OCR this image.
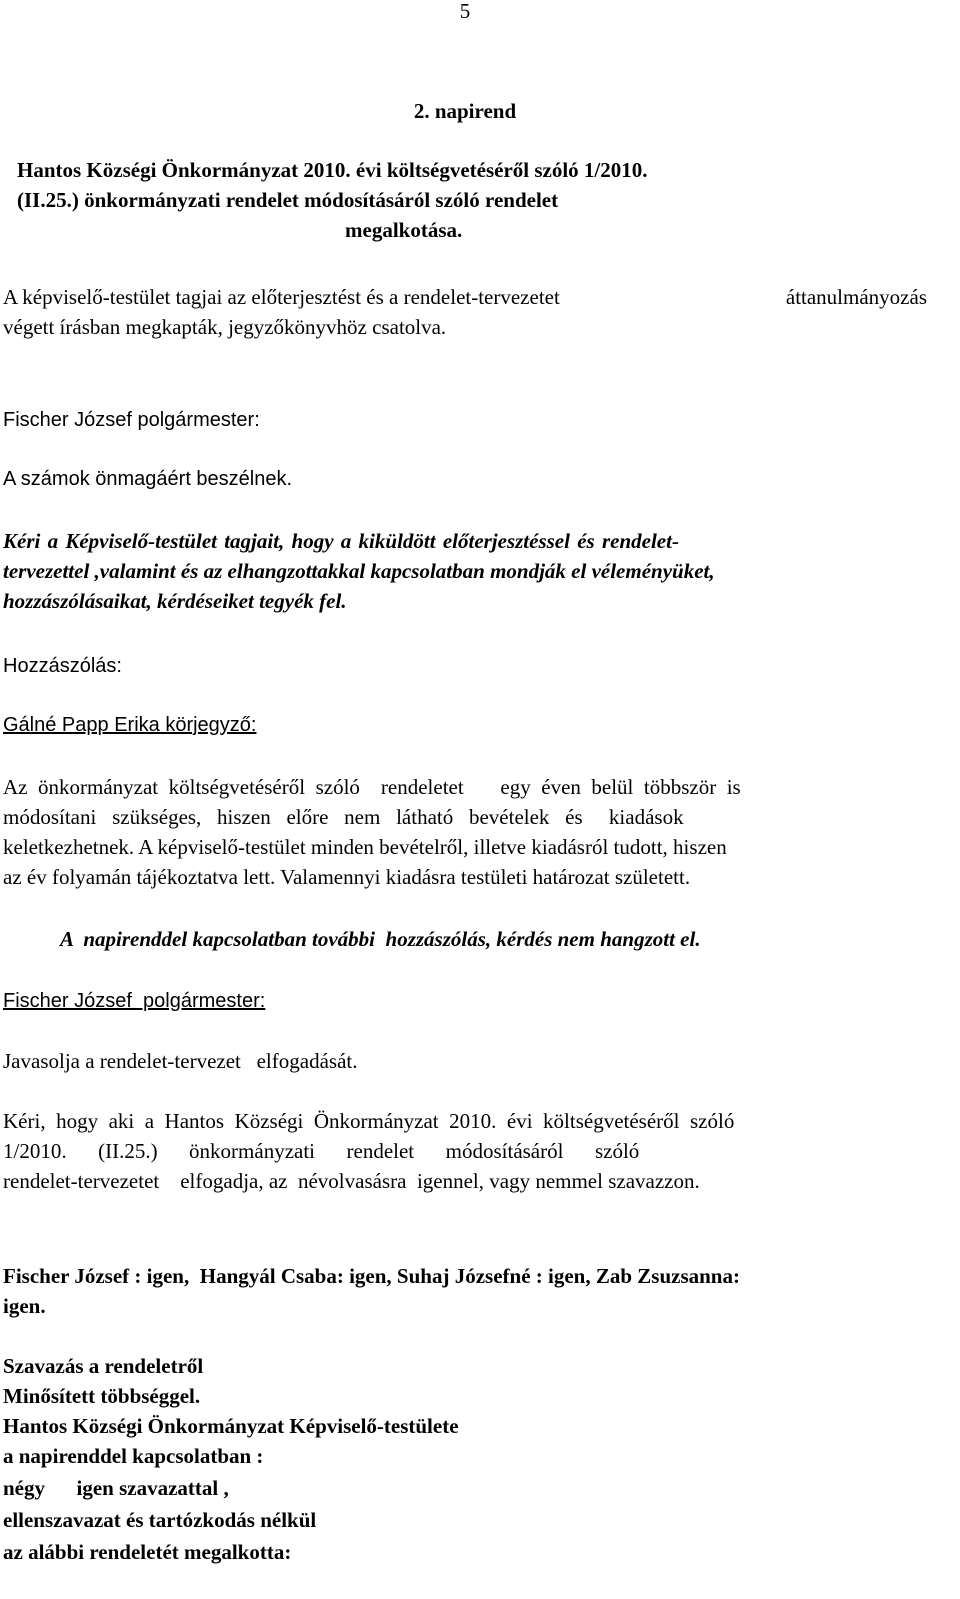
5
2. napirend
Hantos Községi Önkormányzat 2010. évi költségvetéséről szóló 1/2010.
(II.25.) önkormányzati rendelet módosításáról szóló rendelet
megalkotása.
A képviselő-testület tagjai az előterjesztést és a rendelet-tervezetet	áttanulmányozás
végett írásban megkapták, jegyzőkönyvhöz csatolva.
Fischer József polgármester:
A számok önmagáért beszélnek.
Kéri a Képviselő-testület tagjait, hogy a kiküldött előterjesztéssel és rendelet-
tervezettel ,valamint és az elhangzottakkal kapcsolatban mondják el véleményüket,
hozzászólásaikat, kérdéseiket tegyék fel.
Hozzászólás:
Gálné Papp Erika körjegyző:
Az  önkormányzat  költségvetéséről  szóló    rendeletet       egy  éven  belül  többször  is
módosítani   szükséges,   hiszen   előre   nem   látható   bevételek   és     kiadások
keletkezhetnek. A képviselő-testület minden bevételről, illetve kiadásról tudott, hiszen
az év folyamán tájékoztatva lett. Valamennyi kiadásra testületi határozat született.
A  napirenddel kapcsolatban további  hozzászólás, kérdés nem hangzott el.
Fischer József  polgármester:
Javasolja a rendelet-tervezet   elfogadását.
Kéri,  hogy  aki  a  Hantos  Községi  Önkormányzat  2010.  évi  költségvetéséről  szóló
1/2010.      (II.25.)      önkormányzati      rendelet      módosításáról      szóló
rendelet-tervezetet    elfogadja, az  névolvasásra  igennel, vagy nemmel szavazzon.
Fischer József : igen,  Hangyál Csaba: igen, Suhaj Józsefné : igen, Zab Zsuzsanna:
igen.
Szavazás a rendeletről
Minősített többséggel.
Hantos Községi Önkormányzat Képviselő-testülete
a napirenddel kapcsolatban :
négy      igen szavazattal ,
ellenszavazat és tartózkodás nélkül
az alábbi rendeletét megalkotta:
